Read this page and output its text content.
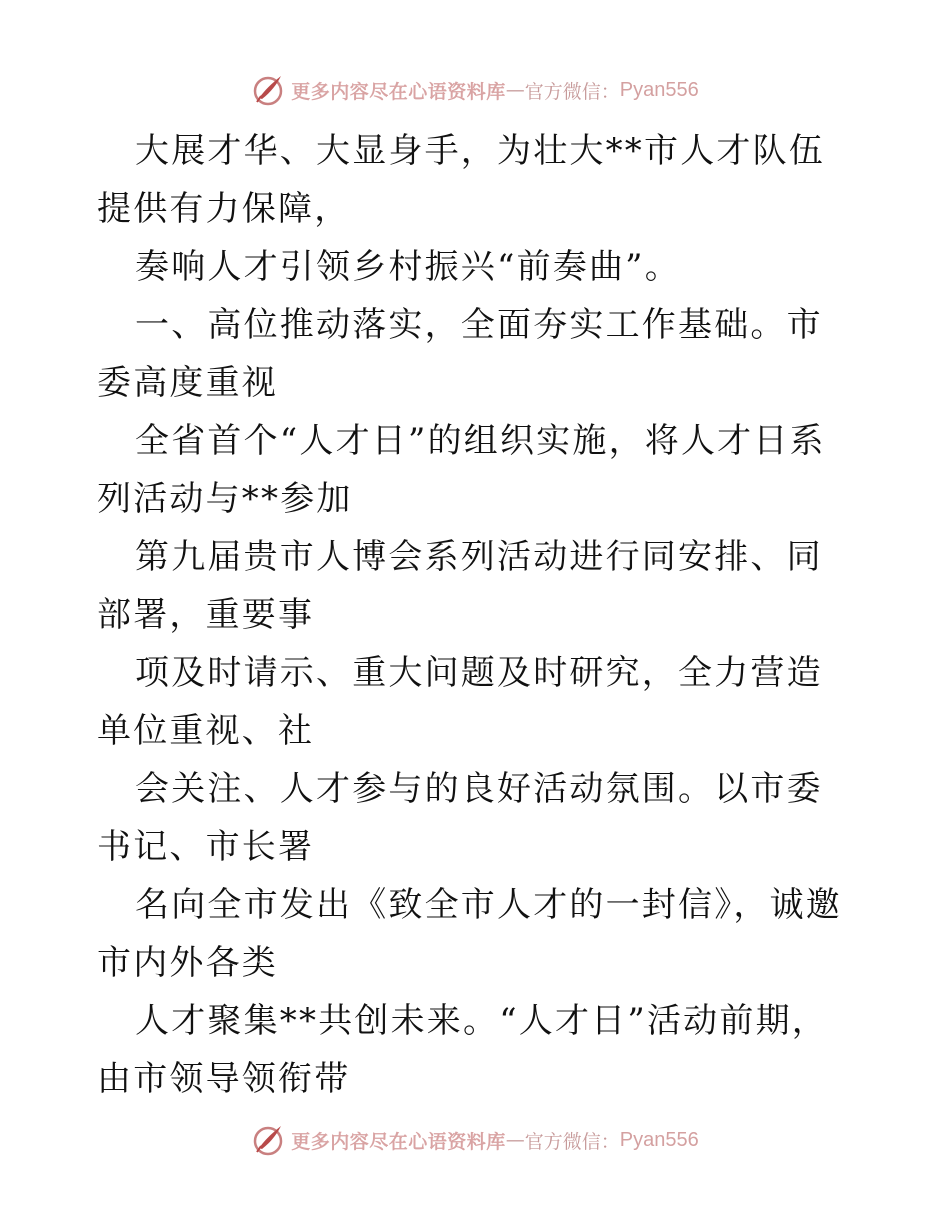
更多内容尽在心语资料库 — 官方微信： Pyan556

大展才华、大显身手，为壮大**市人才队伍提供有力保障，

奏响人才引领乡村振兴“前奏曲”。

一、高位推动落实，全面夯实工作基础。市委高度重视

全省首个“人才日”的组织实施，将人才日系列活动与**参加

第九届贵市人博会系列活动进行同安排、同部署，重要事

项及时请示、重大问题及时研究，全力营造单位重视、社

会关注、人才参与的良好活动氛围。以市委书记、市长署

名向全市发出《致全市人才的一封信》，诚邀市内外各类

人才聚集**共创未来。“人才日”活动前期，由市领导领衔带

更多内容尽在心语资料库 — 官方微信： Pyan556
